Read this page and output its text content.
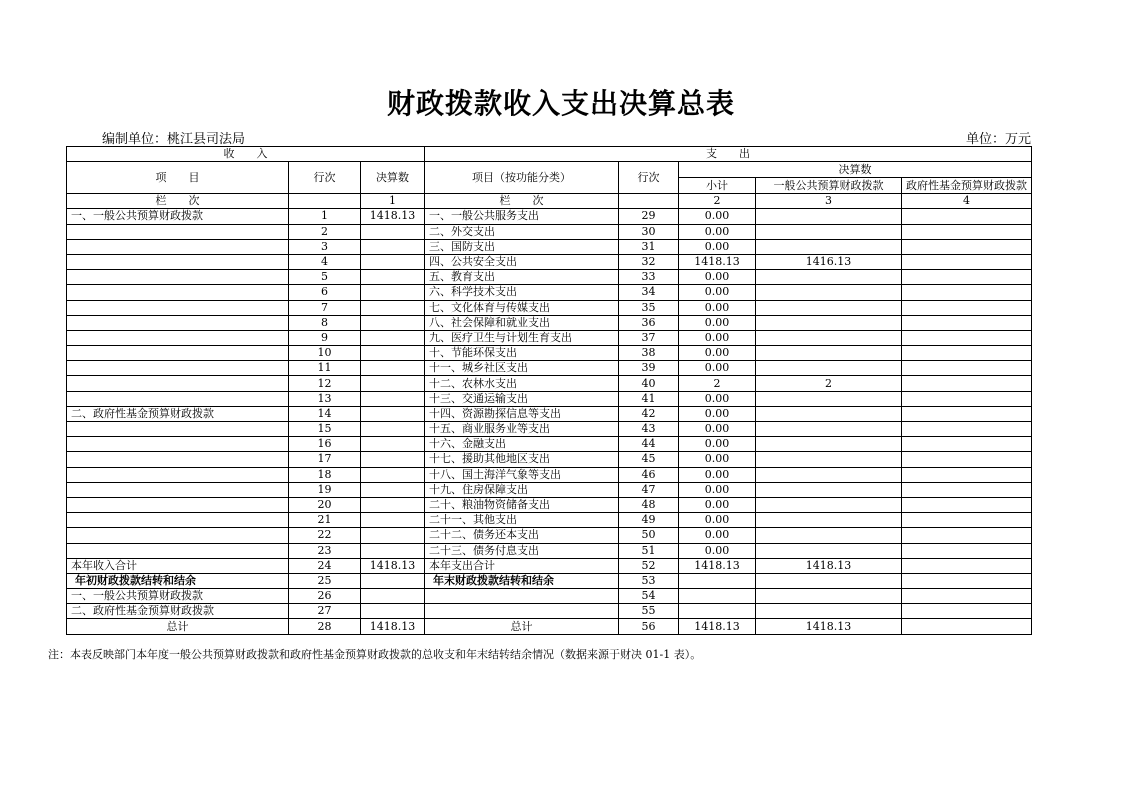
财政拨款收入支出决算总表
编制单位：桃江县司法局	单位：万元
收　　入			支　　出				
项　　目	行次	决算数	项目（按功能分类）	行次	决算数		
					小计	一般公共预算财政拨款	政府性基金预算财政拨款
栏　　次		1	栏　　次		2	3	4
一、一般公共预算财政拨款	1	1418.13	一、一般公共服务支出	29	0.00		
	2		二、外交支出	30	0.00		
	3		三、国防支出	31	0.00		
	4		四、公共安全支出	32	1418.13	1416.13	
	5		五、教育支出	33	0.00		
	6		六、科学技术支出	34	0.00		
	7		七、文化体育与传媒支出	35	0.00		
	8		八、社会保障和就业支出	36	0.00		
	9		九、医疗卫生与计划生育支出	37	0.00		
	10		十、节能环保支出	38	0.00		
	11		十一、城乡社区支出	39	0.00		
	12		十二、农林水支出	40	2	2	
	13		十三、交通运输支出	41	0.00		
二、政府性基金预算财政拨款	14		十四、资源勘探信息等支出	42	0.00		
	15		十五、商业服务业等支出	43	0.00		
	16		十六、金融支出	44	0.00		
	17		十七、援助其他地区支出	45	0.00		
	18		十八、国土海洋气象等支出	46	0.00		
	19		十九、住房保障支出	47	0.00		
	20		二十、粮油物资储备支出	48	0.00		
	21		二十一、其他支出	49	0.00		
	22		二十二、债务还本支出	50	0.00		
	23		二十三、债务付息支出	51	0.00		
本年收入合计	24	1418.13	本年支出合计	52	1418.13	1418.13	
年初财政拨款结转和结余	25		年末财政拨款结转和结余	53			
一、一般公共预算财政拨款	26			54			
二、政府性基金预算财政拨款	27			55			
总计	28	1418.13	总计	56	1418.13	1418.13	
注：本表反映部门本年度一般公共预算财政拨款和政府性基金预算财政拨款的总收支和年末结转结余情况（数据来源于财决 01-1 表）。
